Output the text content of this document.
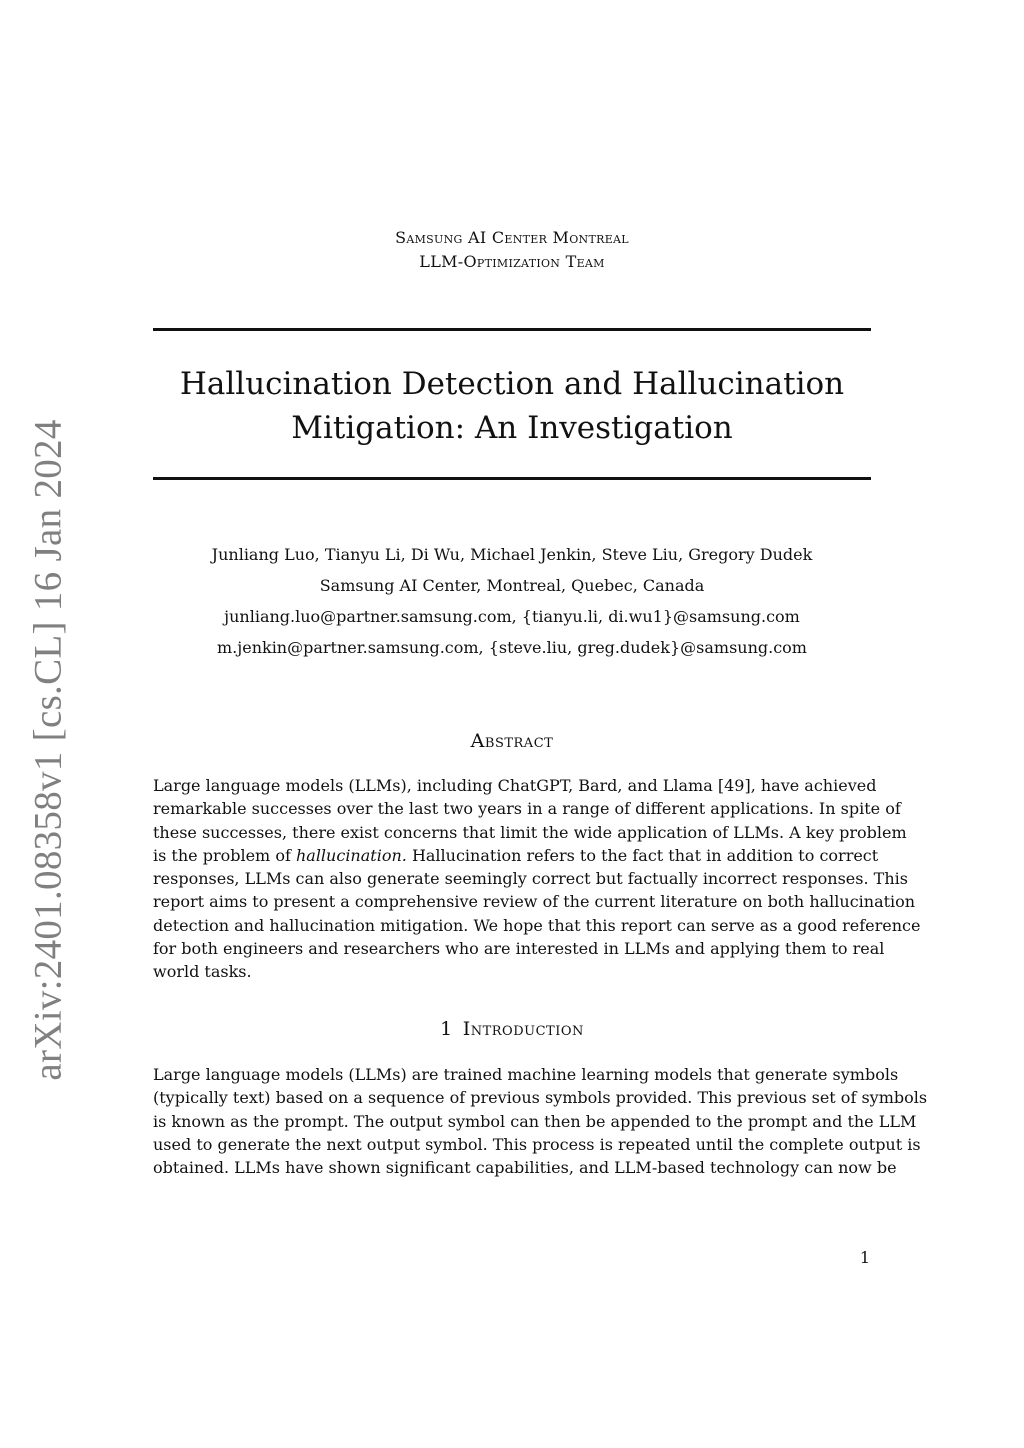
arXiv:2401.08358v1 [cs.CL] 16 Jan 2024
Samsung AI Center Montreal
LLM-Optimization Team
Hallucination Detection and Hallucination
Mitigation: An Investigation
Junliang Luo, Tianyu Li, Di Wu, Michael Jenkin, Steve Liu, Gregory Dudek
Samsung AI Center, Montreal, Quebec, Canada
junliang.luo@partner.samsung.com, {tianyu.li, di.wu1}@samsung.com
m.jenkin@partner.samsung.com, {steve.liu, greg.dudek}@samsung.com
Abstract
Large language models (LLMs), including ChatGPT, Bard, and Llama [49], have achieved
remarkable successes over the last two years in a range of different applications. In spite of
these successes, there exist concerns that limit the wide application of LLMs. A key problem
is the problem of hallucination. Hallucination refers to the fact that in addition to correct
responses, LLMs can also generate seemingly correct but factually incorrect responses. This
report aims to present a comprehensive review of the current literature on both hallucination
detection and hallucination mitigation. We hope that this report can serve as a good reference
for both engineers and researchers who are interested in LLMs and applying them to real
world tasks.
1 Introduction
Large language models (LLMs) are trained machine learning models that generate symbols
(typically text) based on a sequence of previous symbols provided. This previous set of symbols
is known as the prompt. The output symbol can then be appended to the prompt and the LLM
used to generate the next output symbol. This process is repeated until the complete output is
obtained. LLMs have shown significant capabilities, and LLM-based technology can now be
1
